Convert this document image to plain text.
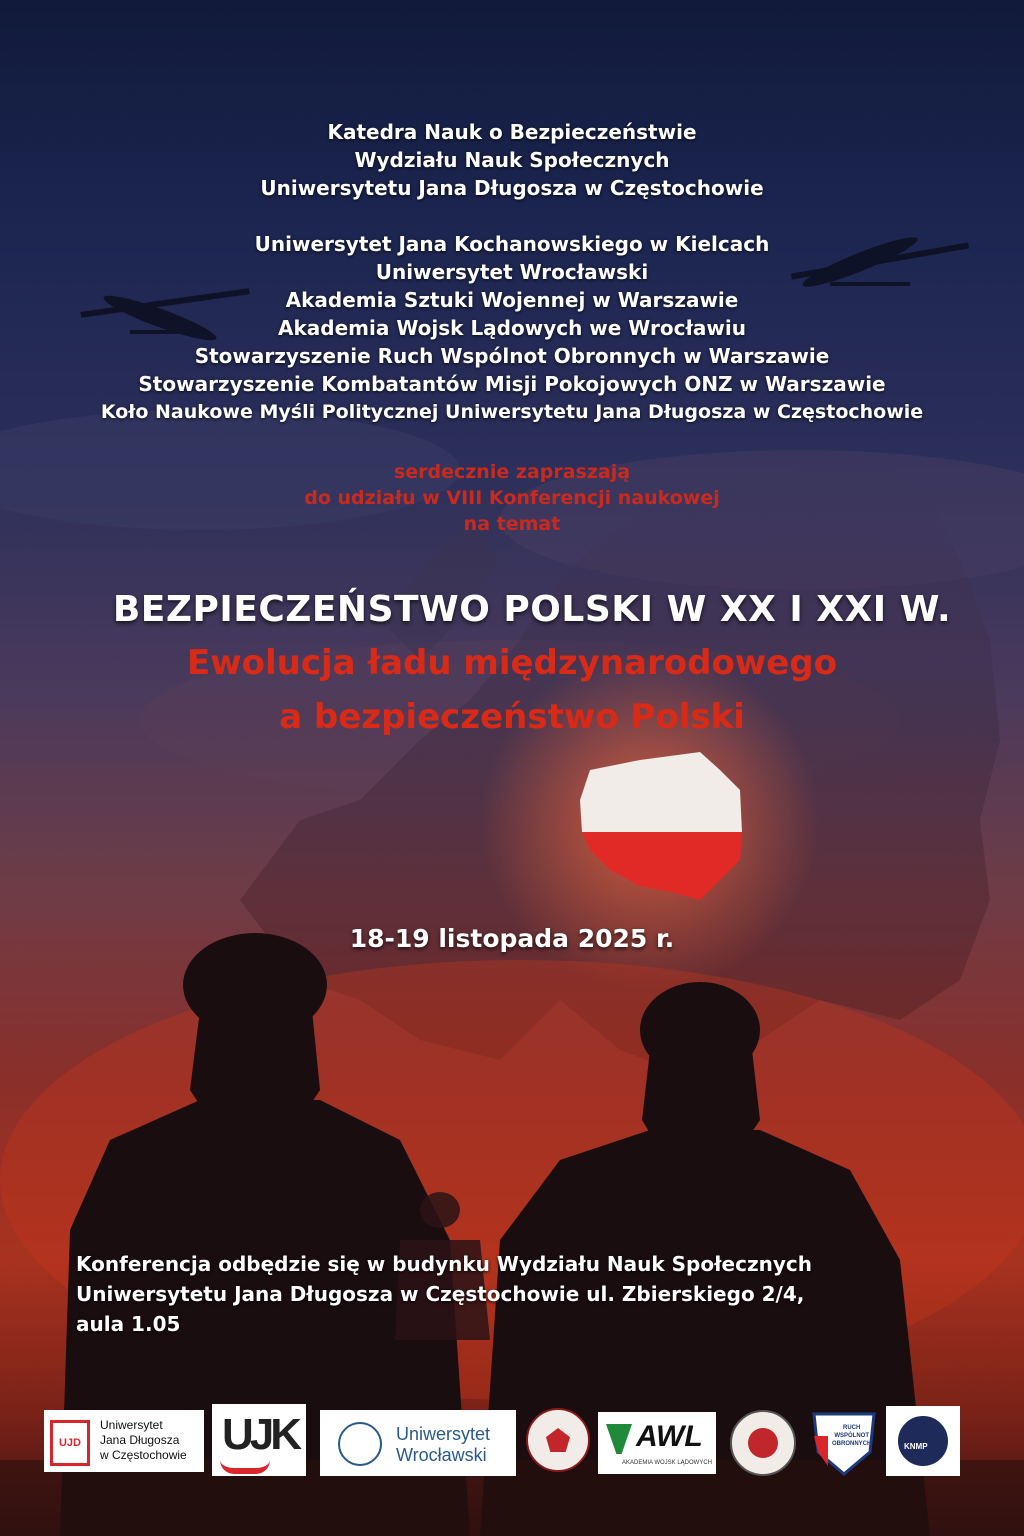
Katedra Nauk o Bezpieczeństwie
Wydziału Nauk Społecznych
Uniwersytetu Jana Długosza w Częstochowie
Uniwersytet Jana Kochanowskiego w Kielcach
Uniwersytet Wrocławski
Akademia Sztuki Wojennej w Warszawie
Akademia Wojsk Lądowych we Wrocławiu
Stowarzyszenie Ruch Wspólnot Obronnych w Warszawie
Stowarzyszenie Kombatantów Misji Pokojowych ONZ w Warszawie
Koło Naukowe Myśli Politycznej Uniwersytetu Jana Długosza w Częstochowie
serdecznie zapraszają
do udziału w VIII Konferencji naukowej
na temat
BEZPIECZEŃSTWO POLSKI W XX I XXI W.
Ewolucja ładu międzynarodowego
a bezpieczeństwo Polski
18-19 listopada 2025 r.
Konferencja odbędzie się w budynku Wydziału Nauk Społecznych
Uniwersytetu Jana Długosza w Częstochowie ul. Zbierskiego 2/4,
aula 1.05
UJD
Uniwersytet
Jana Długosza
w Częstochowie UJK	Uniwersytet
Wrocławski
AWL
AKADEMIA WOJSK LĄDOWYCH
RUCH
WSPÓLNOT
OBRONNYCH	KNMP
